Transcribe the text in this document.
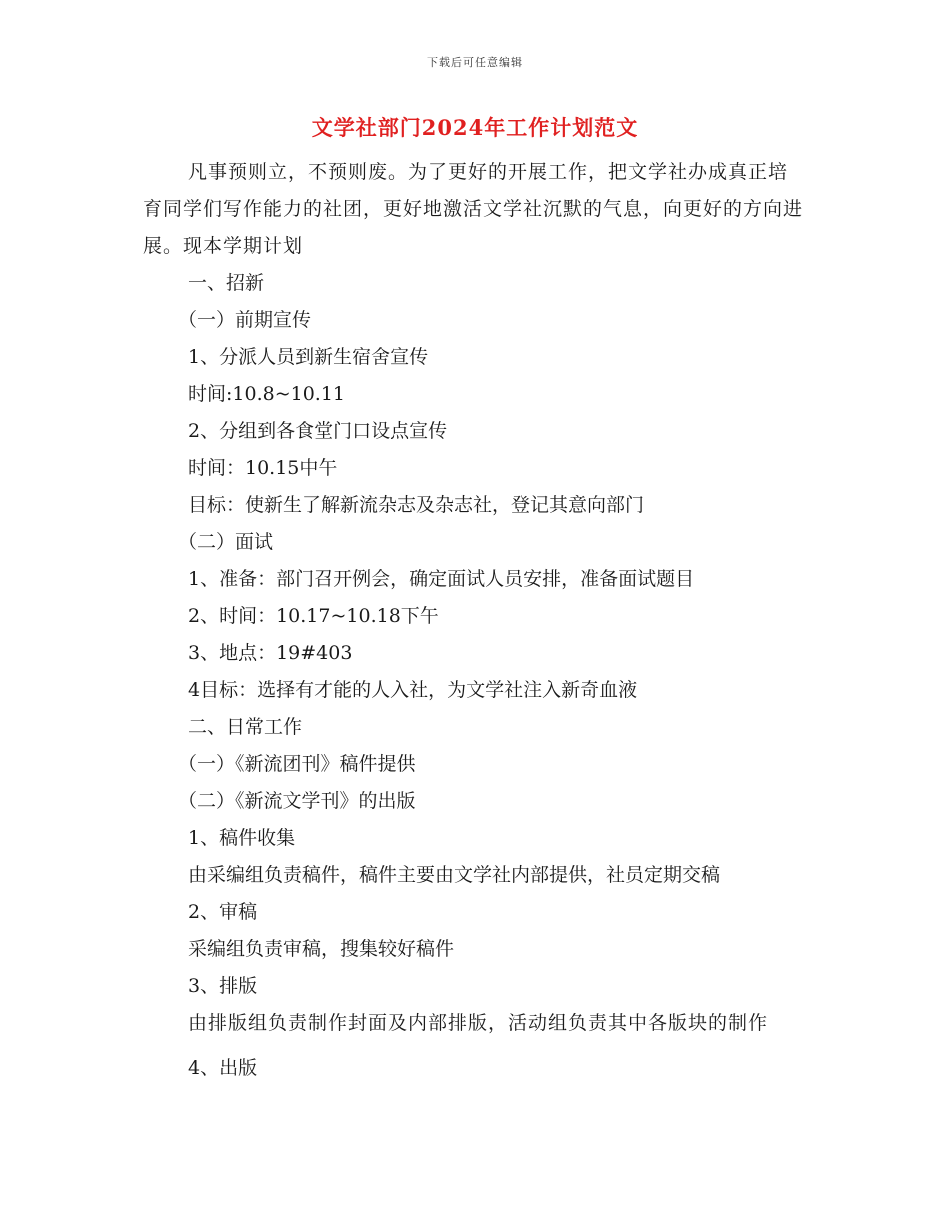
下载后可任意编辑
文学社部门2024年工作计划范文

凡事预则立，不预则废。为了更好的开展工作，把文学社办成真正培育同学们写作能力的社团，更好地激活文学社沉默的气息，向更好的方向进展。现本学期计划

一、招新

（一）前期宣传

1、分派人员到新生宿舍宣传

时间:10.8~10.11

2、分组到各食堂门口设点宣传

时间：10.15中午

目标：使新生了解新流杂志及杂志社，登记其意向部门

（二）面试

1、准备：部门召开例会，确定面试人员安排，准备面试题目

2、时间：10.17~10.18下午

3、地点：19#403

4目标：选择有才能的人入社，为文学社注入新奇血液

二、日常工作

（一）《新流团刊》稿件提供

（二）《新流文学刊》的出版

1、稿件收集

由采编组负责稿件，稿件主要由文学社内部提供，社员定期交稿

2、审稿

采编组负责审稿，搜集较好稿件

3、排版

由排版组负责制作封面及内部排版，活动组负责其中各版块的制作

4、出版
